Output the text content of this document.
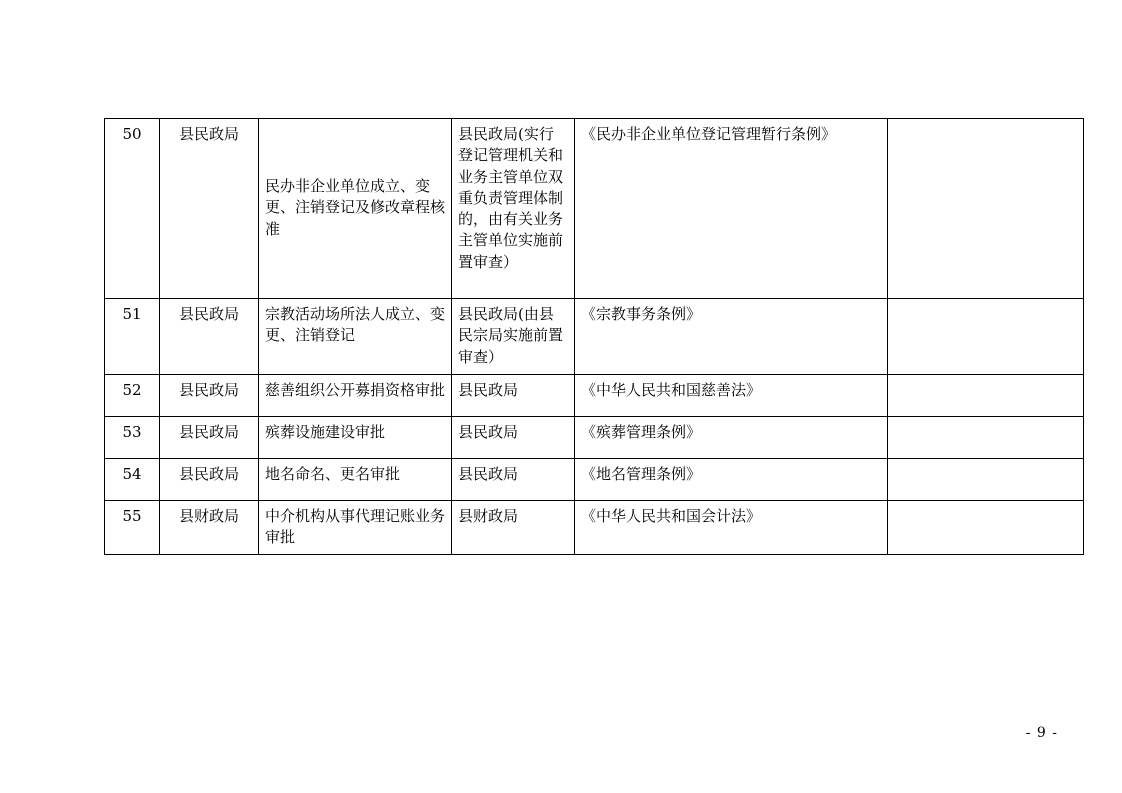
50	县民政局	民办非企业单位成立、变更、注销登记及修改章程核准	县民政局(实行登记管理机关和业务主管单位双重负责管理体制的，由有关业务主管单位实施前置审查）	《民办非企业单位登记管理暂行条例》	
51	县民政局	宗教活动场所法人成立、变更、注销登记	县民政局(由县民宗局实施前置审查）	《宗教事务条例》	
52	县民政局	慈善组织公开募捐资格审批	县民政局	《中华人民共和国慈善法》	
53	县民政局	殡葬设施建设审批	县民政局	《殡葬管理条例》	
54	县民政局	地名命名、更名审批	县民政局	《地名管理条例》	
55	县财政局	中介机构从事代理记账业务审批	县财政局	《中华人民共和国会计法》	
- 9 -
